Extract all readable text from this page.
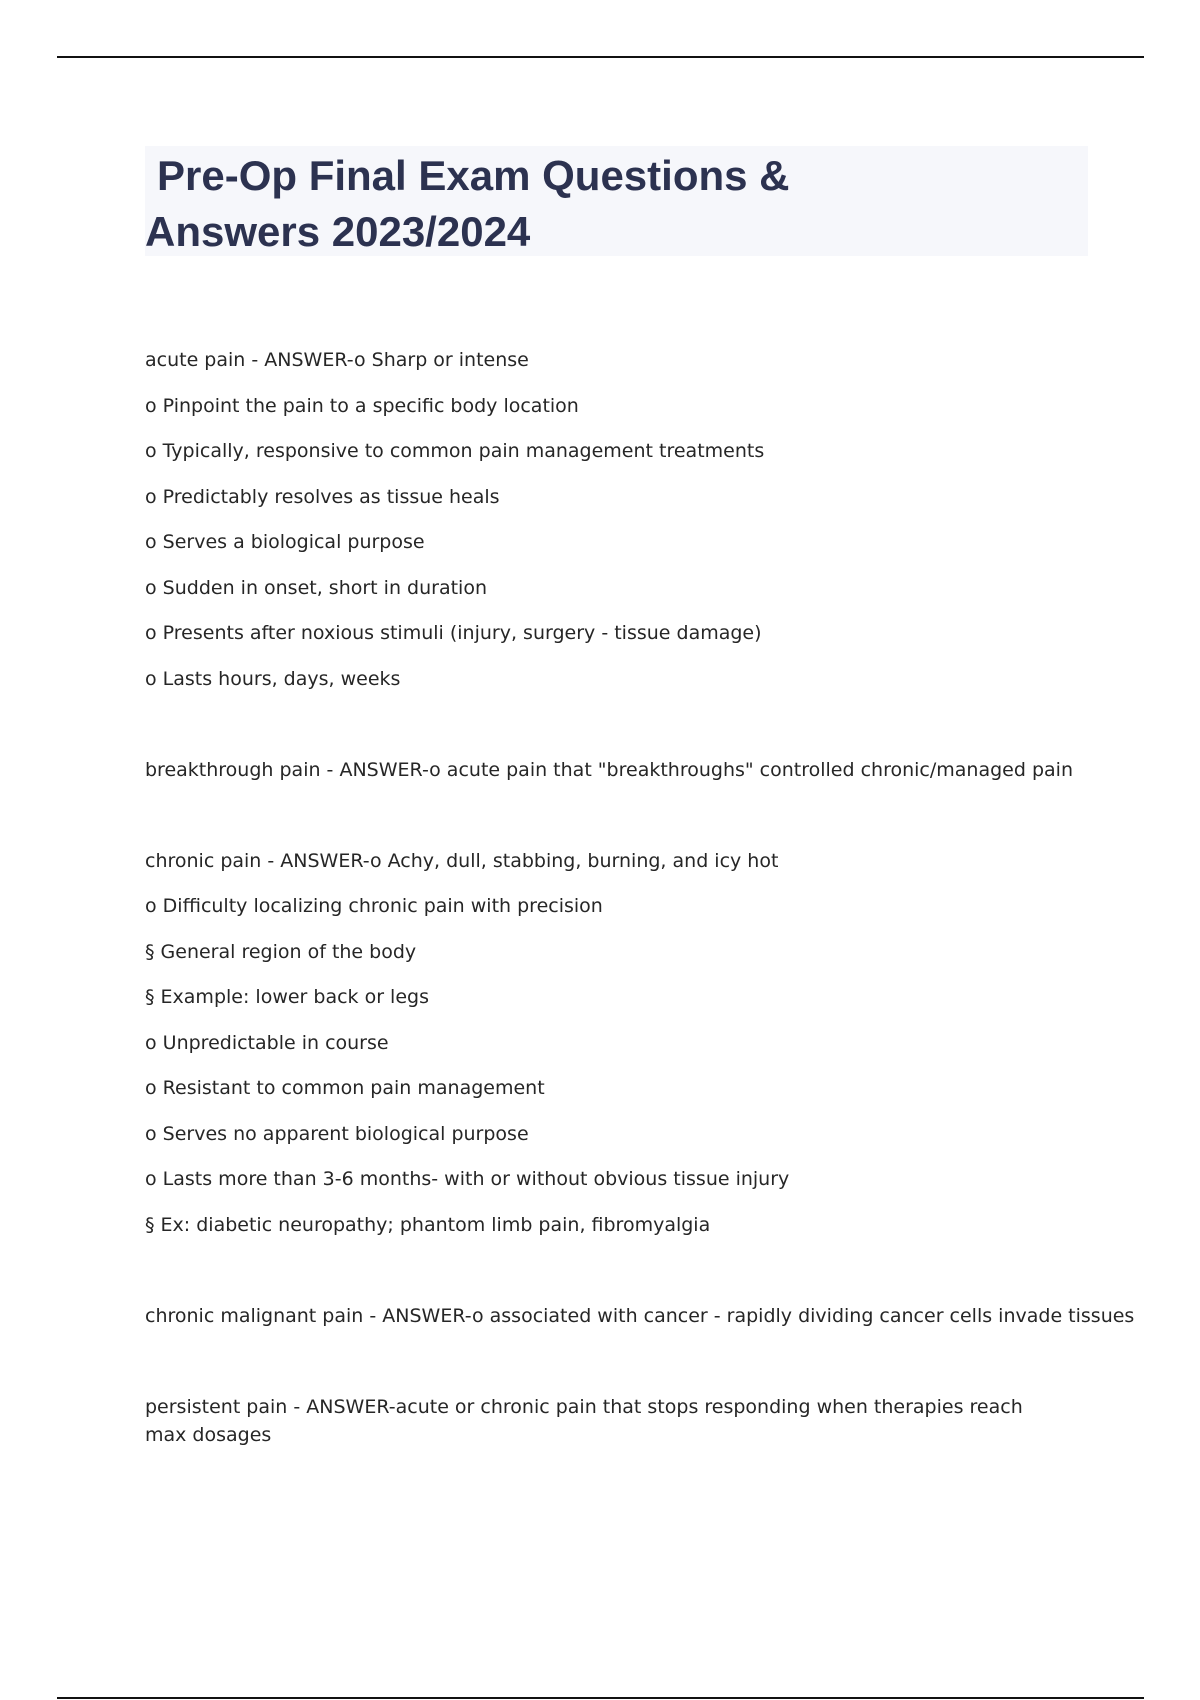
Pre-Op Final Exam Questions &
Answers 2023/2024
acute pain - ANSWER-o Sharp or intense
o Pinpoint the pain to a specific body location
o Typically, responsive to common pain management treatments
o Predictably resolves as tissue heals
o Serves a biological purpose
o Sudden in onset, short in duration
o Presents after noxious stimuli (injury, surgery - tissue damage)
o Lasts hours, days, weeks
breakthrough pain - ANSWER-o acute pain that "breakthroughs" controlled chronic/managed pain
chronic pain - ANSWER-o Achy, dull, stabbing, burning, and icy hot
o Difficulty localizing chronic pain with precision
§ General region of the body
§ Example: lower back or legs
o Unpredictable in course
o Resistant to common pain management
o Serves no apparent biological purpose
o Lasts more than 3-6 months- with or without obvious tissue injury
§ Ex: diabetic neuropathy; phantom limb pain, fibromyalgia
chronic malignant pain - ANSWER-o associated with cancer - rapidly dividing cancer cells invade tissues
persistent pain - ANSWER-acute or chronic pain that stops responding when therapies reach max dosages
